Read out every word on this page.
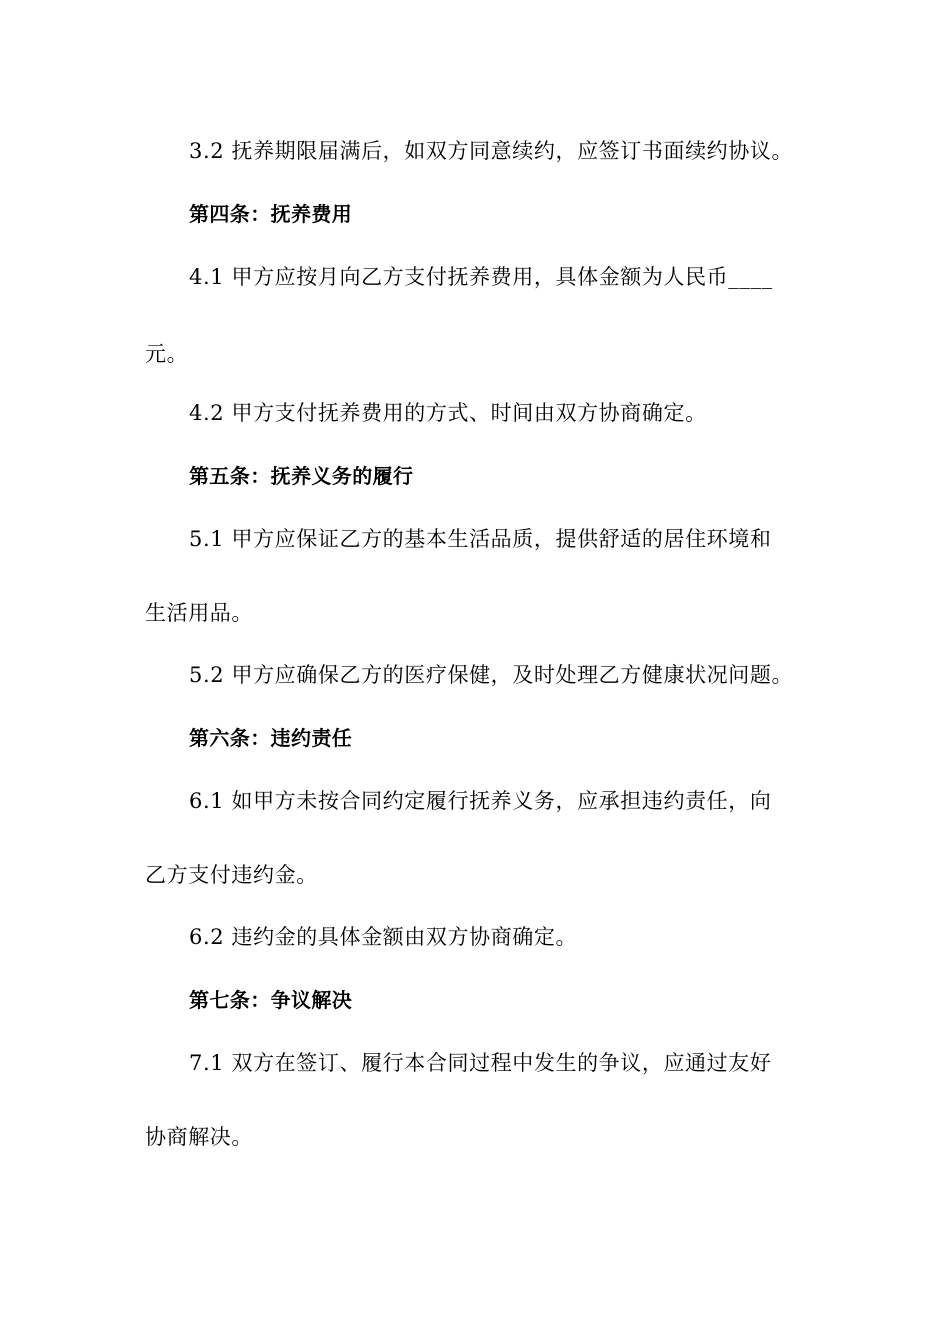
3.2 抚养期限届满后，如双方同意续约，应签订书面续约协议。
第四条：抚养费用
4.1 甲方应按月向乙方支付抚养费用，具体金额为人民币____
元。
4.2 甲方支付抚养费用的方式、时间由双方协商确定。
第五条：抚养义务的履行
5.1 甲方应保证乙方的基本生活品质，提供舒适的居住环境和
生活用品。
5.2 甲方应确保乙方的医疗保健，及时处理乙方健康状况问题。
第六条：违约责任
6.1 如甲方未按合同约定履行抚养义务，应承担违约责任，向
乙方支付违约金。
6.2 违约金的具体金额由双方协商确定。
第七条：争议解决
7.1 双方在签订、履行本合同过程中发生的争议，应通过友好
协商解决。
